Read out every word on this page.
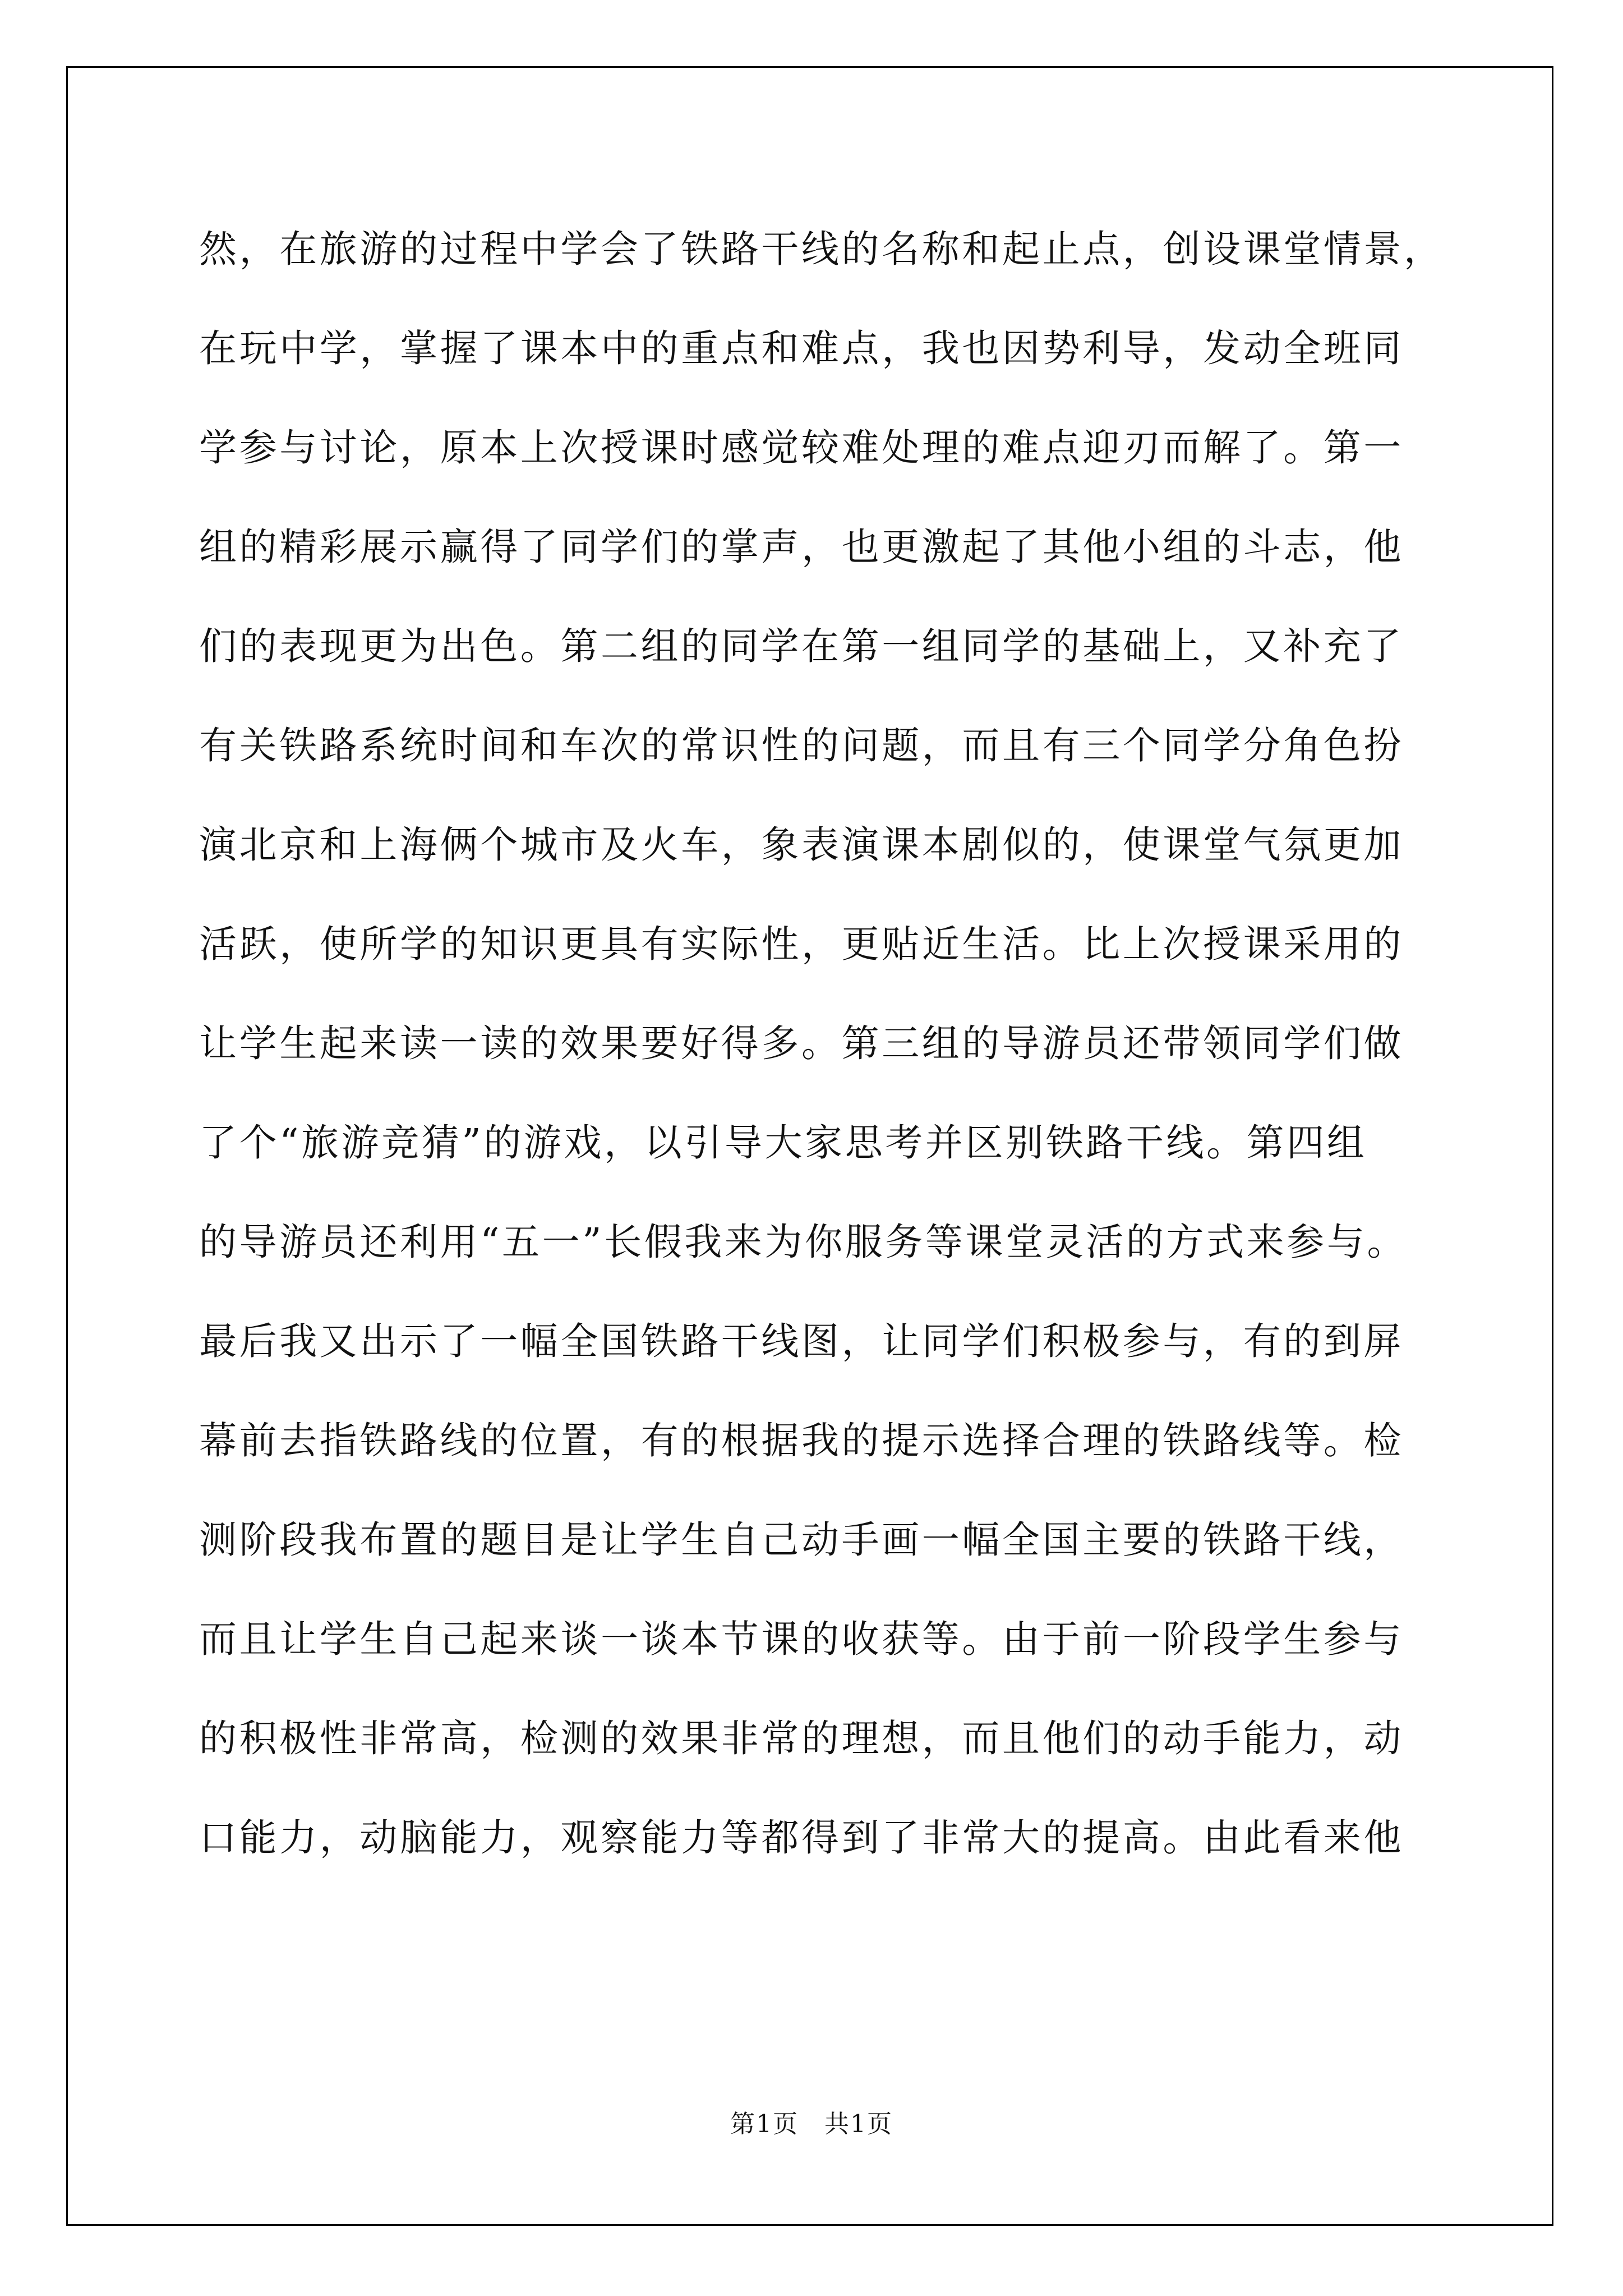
然，在旅游的过程中学会了铁路干线的名称和起止点，创设课堂情景，
在玩中学，掌握了课本中的重点和难点，我也因势利导，发动全班同
学参与讨论，原本上次授课时感觉较难处理的难点迎刃而解了。第一
组的精彩展示赢得了同学们的掌声，也更激起了其他小组的斗志，他
们的表现更为出色。第二组的同学在第一组同学的基础上，又补充了
有关铁路系统时间和车次的常识性的问题，而且有三个同学分角色扮
演北京和上海俩个城市及火车，象表演课本剧似的，使课堂气氛更加
活跃，使所学的知识更具有实际性，更贴近生活。比上次授课采用的
让学生起来读一读的效果要好得多。第三组的导游员还带领同学们做
了个“旅游竞猜”的游戏，以引导大家思考并区别铁路干线。第四组
的导游员还利用“五一”长假我来为你服务等课堂灵活的方式来参与。
最后我又出示了一幅全国铁路干线图，让同学们积极参与，有的到屏
幕前去指铁路线的位置，有的根据我的提示选择合理的铁路线等。检
测阶段我布置的题目是让学生自己动手画一幅全国主要的铁路干线，
而且让学生自己起来谈一谈本节课的收获等。由于前一阶段学生参与
的积极性非常高，检测的效果非常的理想，而且他们的动手能力，动
口能力，动脑能力，观察能力等都得到了非常大的提高。由此看来他
第1页　共1页
